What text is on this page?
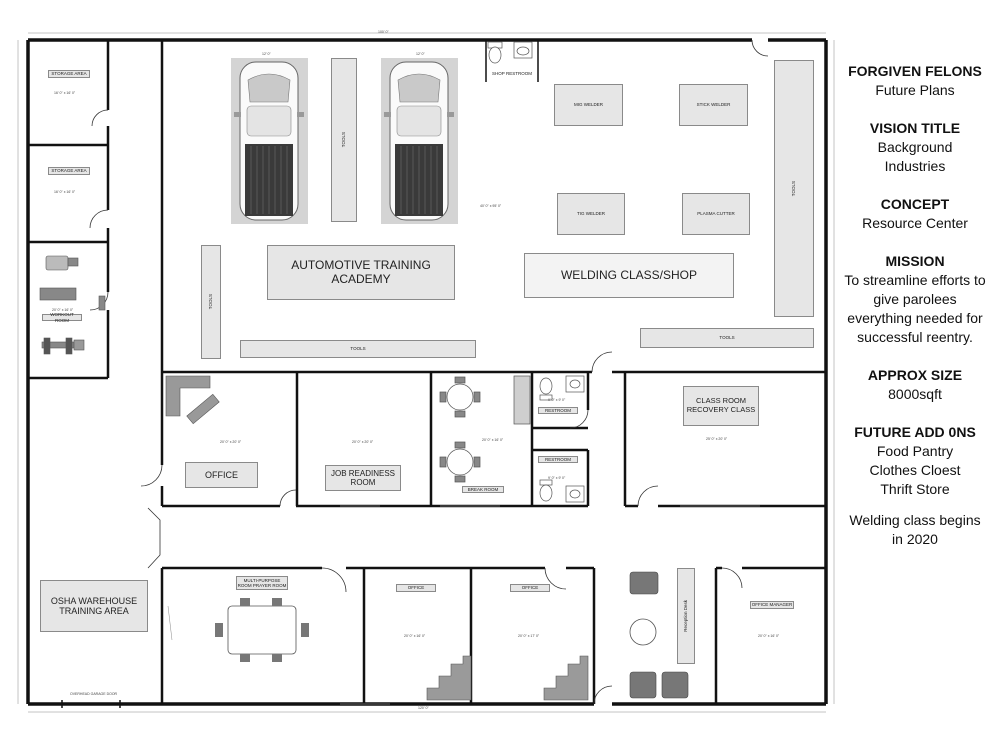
100' 0"
120' 0"
12' 0"	12' 0"
40' 0" x 95' 0"
STORAGE AREA
16' 0" x 16' 0"
STORAGE AREA
16' 0" x 16' 0"
20' 0" x 16' 0"
WORKOUT ROOM
OSHA WAREHOUSE TRAINING AREA
OVERHEAD GARAGE DOOR
TOOLS
TOOLS
TOOLS
TOOLS
TOOLS
AUTOMOTIVE TRAINING ACADEMY	WELDING CLASS/SHOP
MIG WELDER	STICK WELDER
TIG WELDER	PLASMA CUTTER
SHOP RESTROOM
20' 0" x 20' 0"
OFFICE
20' 0" x 20' 0"
JOB READINESS ROOM
20' 0" x 16' 0"
BREAK ROOM
RESTROOM
9' 0" x 9' 0"
RESTROOM
9' 0" x 9' 0"
CLASS ROOM RECOVERY CLASS
25' 0" x 20' 0"
MULTI-PURPOSE ROOM PRAYER ROOM	OFFICE
20' 0" x 16' 0"
OFFICE
20' 0" x 17' 0"
Reception Desk	OFFICE MANAGER
20' 0" x 16' 0"
FORGIVEN FELONS
Future Plans
VISION TITLE
Background
Industries
CONCEPT
Resource Center
MISSION
To streamline efforts to
give parolees
everything needed for
successful reentry.
APPROX SIZE
8000sqft
FUTURE ADD 0NS
Food Pantry
Clothes Cloest
Thrift Store
Welding class begins
in 2020
